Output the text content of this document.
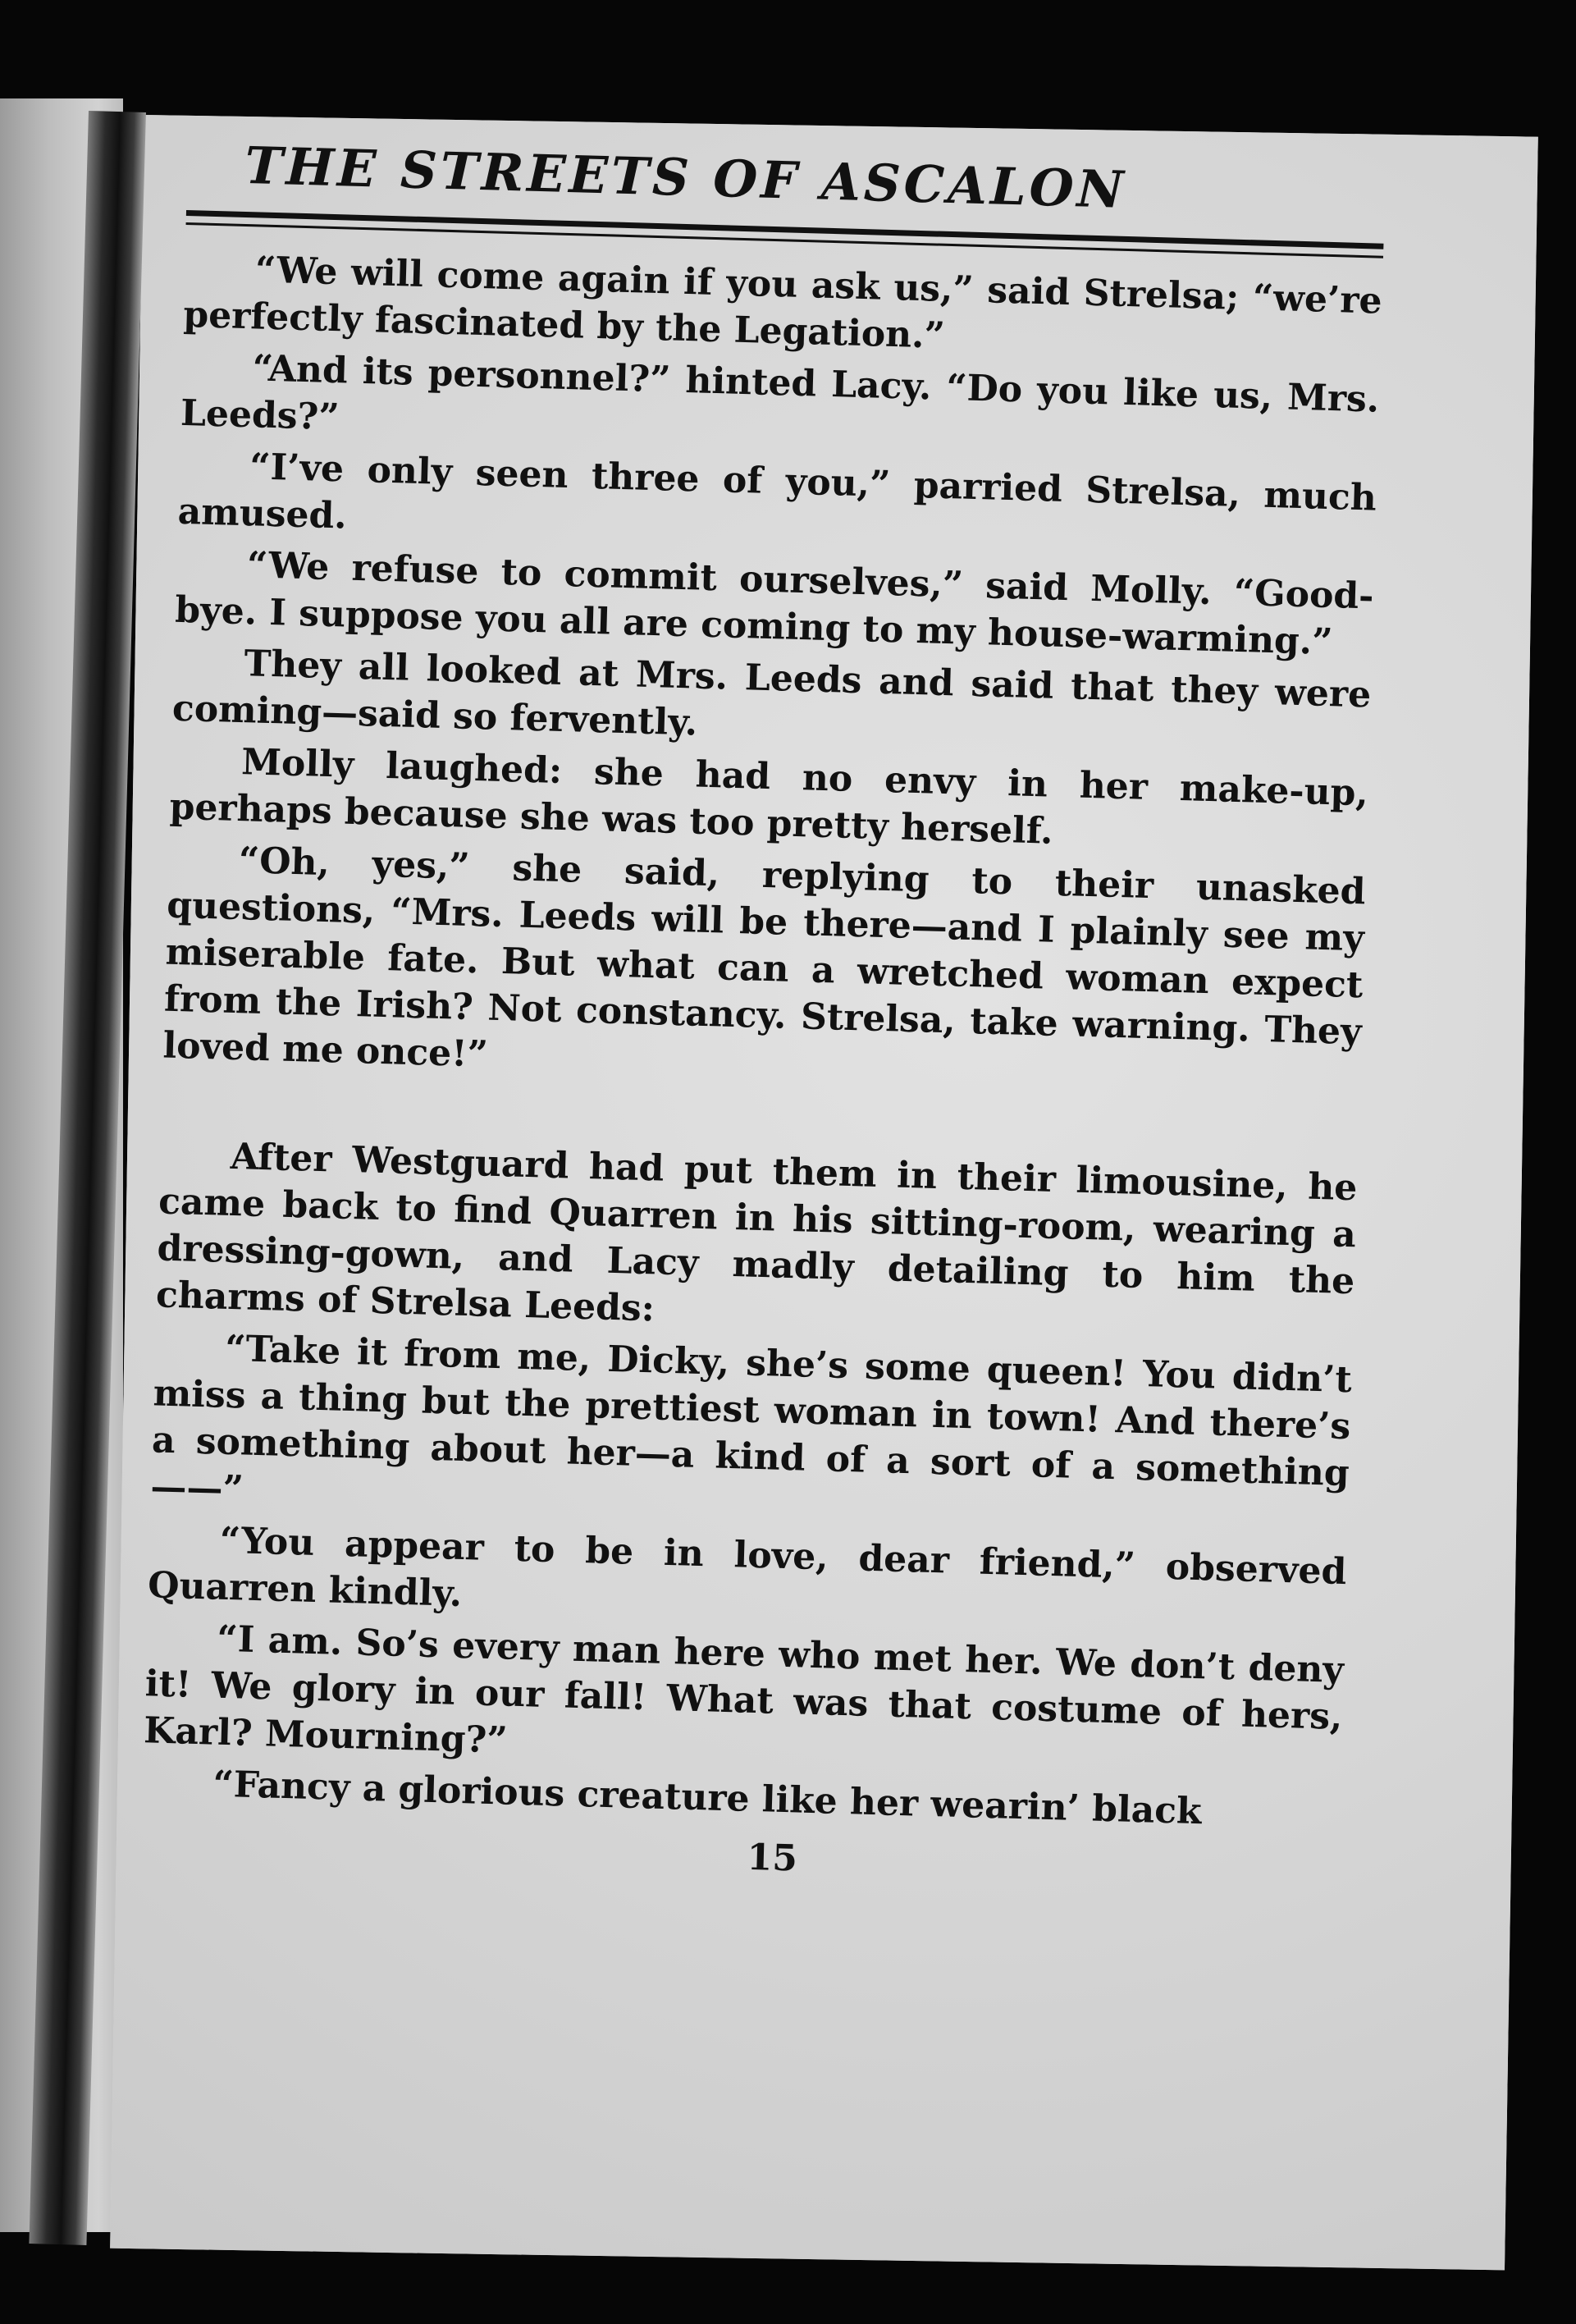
THE STREETS OF ASCALON

“We will come again if you ask us,” said Strelsa; “we’re perfectly fascinated by the Legation.”

“And its personnel?” hinted Lacy. “Do you like us, Mrs. Leeds?”

“I’ve only seen three of you,” parried Strelsa, much amused.

“We refuse to commit ourselves,” said Molly. “Good-bye. I suppose you all are coming to my house-warming.”

They all looked at Mrs. Leeds and said that they were coming—said so fervently.

Molly laughed: she had no envy in her make-up, perhaps because she was too pretty herself.

“Oh, yes,” she said, replying to their unasked questions, “Mrs. Leeds will be there—and I plainly see my miserable fate. But what can a wretched woman expect from the Irish? Not constancy. Strelsa, take warning. They loved me once!”

After Westguard had put them in their limousine, he came back to find Quarren in his sitting-room, wearing a dressing-gown, and Lacy madly detailing to him the charms of Strelsa Leeds:

“Take it from me, Dicky, she’s some queen! You didn’t miss a thing but the prettiest woman in town! And there’s a something about her—a kind of a sort of a something——”

“You appear to be in love, dear friend,” observed Quarren kindly.

“I am. So’s every man here who met her. We don’t deny it! We glory in our fall! What was that costume of hers, Karl? Mourning?”

“Fancy a glorious creature like her wearin’ black

15
